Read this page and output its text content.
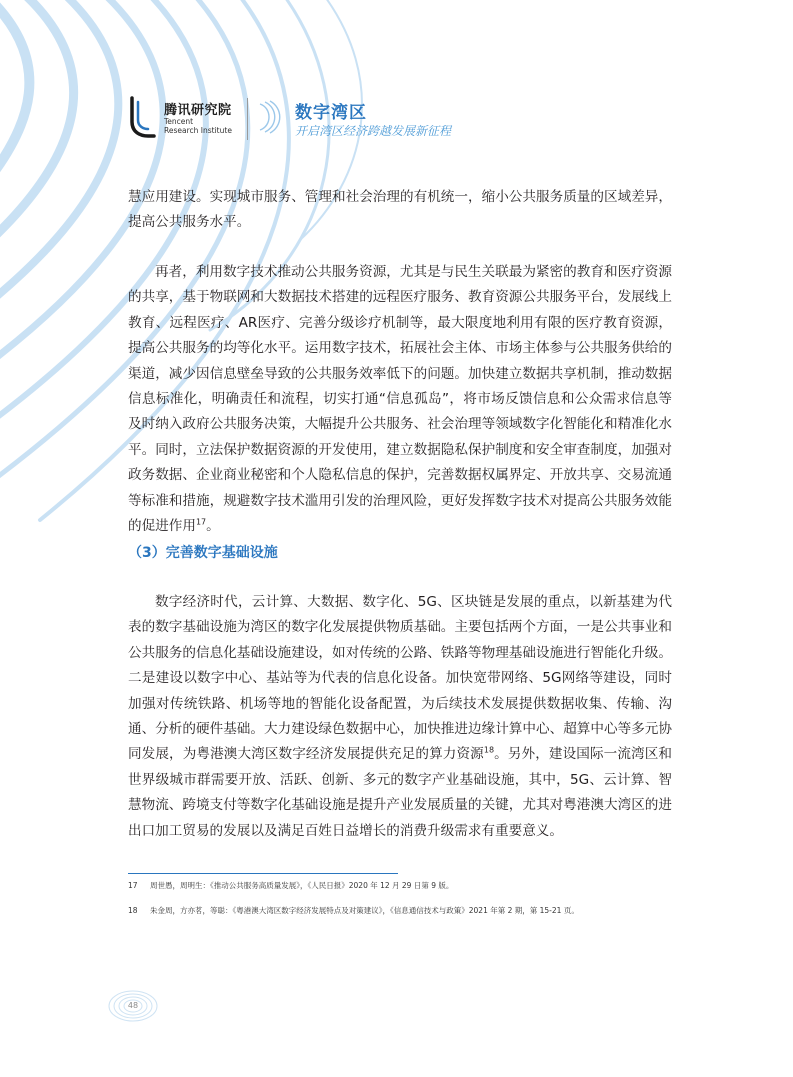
腾讯研究院
Tencent
Research Institute
数字湾区
开启湾区经济跨越发展新征程

慧应用建设。实现城市服务、管理和社会治理的有机统一，缩小公共服务质量的区域差异，提高公共服务水平。

再者，利用数字技术推动公共服务资源，尤其是与民生关联最为紧密的教育和医疗资源的共享，基于物联网和大数据技术搭建的远程医疗服务、教育资源公共服务平台，发展线上教育、远程医疗、AR医疗、完善分级诊疗机制等，最大限度地利用有限的医疗教育资源，提高公共服务的均等化水平。运用数字技术，拓展社会主体、市场主体参与公共服务供给的渠道，减少因信息壁垒导致的公共服务效率低下的问题。加快建立数据共享机制，推动数据信息标准化，明确责任和流程，切实打通“信息孤岛”，将市场反馈信息和公众需求信息等及时纳入政府公共服务决策，大幅提升公共服务、社会治理等领域数字化智能化和精准化水平。同时，立法保护数据资源的开发使用，建立数据隐私保护制度和安全审查制度，加强对政务数据、企业商业秘密和个人隐私信息的保护，完善数据权属界定、开放共享、交易流通等标准和措施，规避数字技术滥用引发的治理风险，更好发挥数字技术对提高公共服务效能的促进作用$^{17}$。

（3）完善数字基础设施

数字经济时代，云计算、大数据、数字化、5G、区块链是发展的重点，以新基建为代表的数字基础设施为湾区的数字化发展提供物质基础。主要包括两个方面，一是公共事业和公共服务的信息化基础设施建设，如对传统的公路、铁路等物理基础设施进行智能化升级。二是建设以数字中心、基站等为代表的信息化设备。加快宽带网络、5G网络等建设，同时加强对传统铁路、机场等地的智能化设备配置，为后续技术发展提供数据收集、传输、沟通、分析的硬件基础。大力建设绿色数据中心，加快推进边缘计算中心、超算中心等多元协同发展，为粤港澳大湾区数字经济发展提供充足的算力资源$^{18}$。另外，建设国际一流湾区和世界级城市群需要开放、活跃、创新、多元的数字产业基础设施，其中，5G、云计算、智慧物流、跨境支付等数字化基础设施是提升产业发展质量的关键，尤其对粤港澳大湾区的进出口加工贸易的发展以及满足百姓日益增长的消费升级需求有重要意义。

17 周世愚，周明生：《推动公共服务高质量发展》，《人民日报》2020 年 12 月 29 日第 9 版。
18 朱金周，方亦茗，等聪：《粤港澳大湾区数字经济发展特点及对策建议》，《信息通信技术与政策》2021 年第 2 期，第 15-21 页。
48
